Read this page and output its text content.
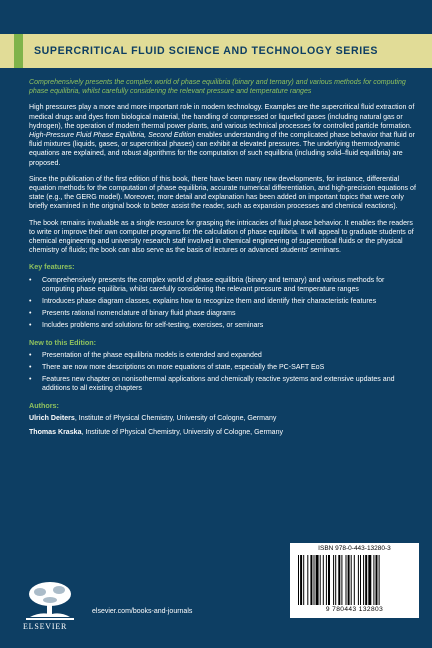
SUPERCRITICAL FLUID SCIENCE AND TECHNOLOGY SERIES

Comprehensively presents the complex world of phase equilibria (binary and ternary) and various methods for computing phase equilibria, whilst carefully considering the relevant pressure and temperature ranges

High pressures play a more and more important role in modern technology. Examples are the supercritical fluid extraction of medical drugs and dyes from biological material, the handling of compressed or liquefied gases (including natural gas or hydrogen), the operation of modern thermal power plants, and various technical processes for controlled particle formation. High-Pressure Fluid Phase Equilibria, Second Edition enables understanding of the complicated phase behavior that fluid or fluid mixtures (liquids, gases, or supercritical phases) can exhibit at elevated pressures. The underlying thermodynamic equations are explained, and robust algorithms for the computation of such equilibria (including solid–fluid equilibria) are proposed.

Since the publication of the first edition of this book, there have been many new developments, for instance, differential equation methods for the computation of phase equilibria, accurate numerical differentiation, and high-precision equations of state (e.g., the GERG model). Moreover, more detail and explanation has been added on important topics that were only briefly examined in the original book to better assist the reader, such as expansion processes and chemical reactions).

The book remains invaluable as a single resource for grasping the intricacies of fluid phase behavior. It enables the readers to write or improve their own computer programs for the calculation of phase equilibria. It will appeal to graduate students of chemical engineering and university research staff involved in chemical engineering of supercritical fluids or the physical chemistry of fluids; the book can also serve as the basis of lectures or advanced students' seminars.

Key features:
• Comprehensively presents the complex world of phase equilibria (binary and ternary) and various methods for computing phase equilibria, whilst carefully considering the relevant pressure and temperature ranges
• Introduces phase diagram classes, explains how to recognize them and identify their characteristic features
• Presents rational nomenclature of binary fluid phase diagrams
• Includes problems and solutions for self-testing, exercises, or seminars
New to this Edition:
• Presentation of the phase equilibria models is extended and expanded
• There are now more descriptions on more equations of state, especially the PC-SAFT EoS
• Features new chapter on nonisothermal applications and chemically reactive systems and extensive updates and additions to all existing chapters
Authors:

Ulrich Deiters, Institute of Physical Chemistry, University of Cologne, Germany

Thomas Kraska, Institute of Physical Chemistry, University of Cologne, Germany

ISBN 978-0-443-13280-3
9 780443 132803
ELSEVIER
elsevier.com/books-and-journals
